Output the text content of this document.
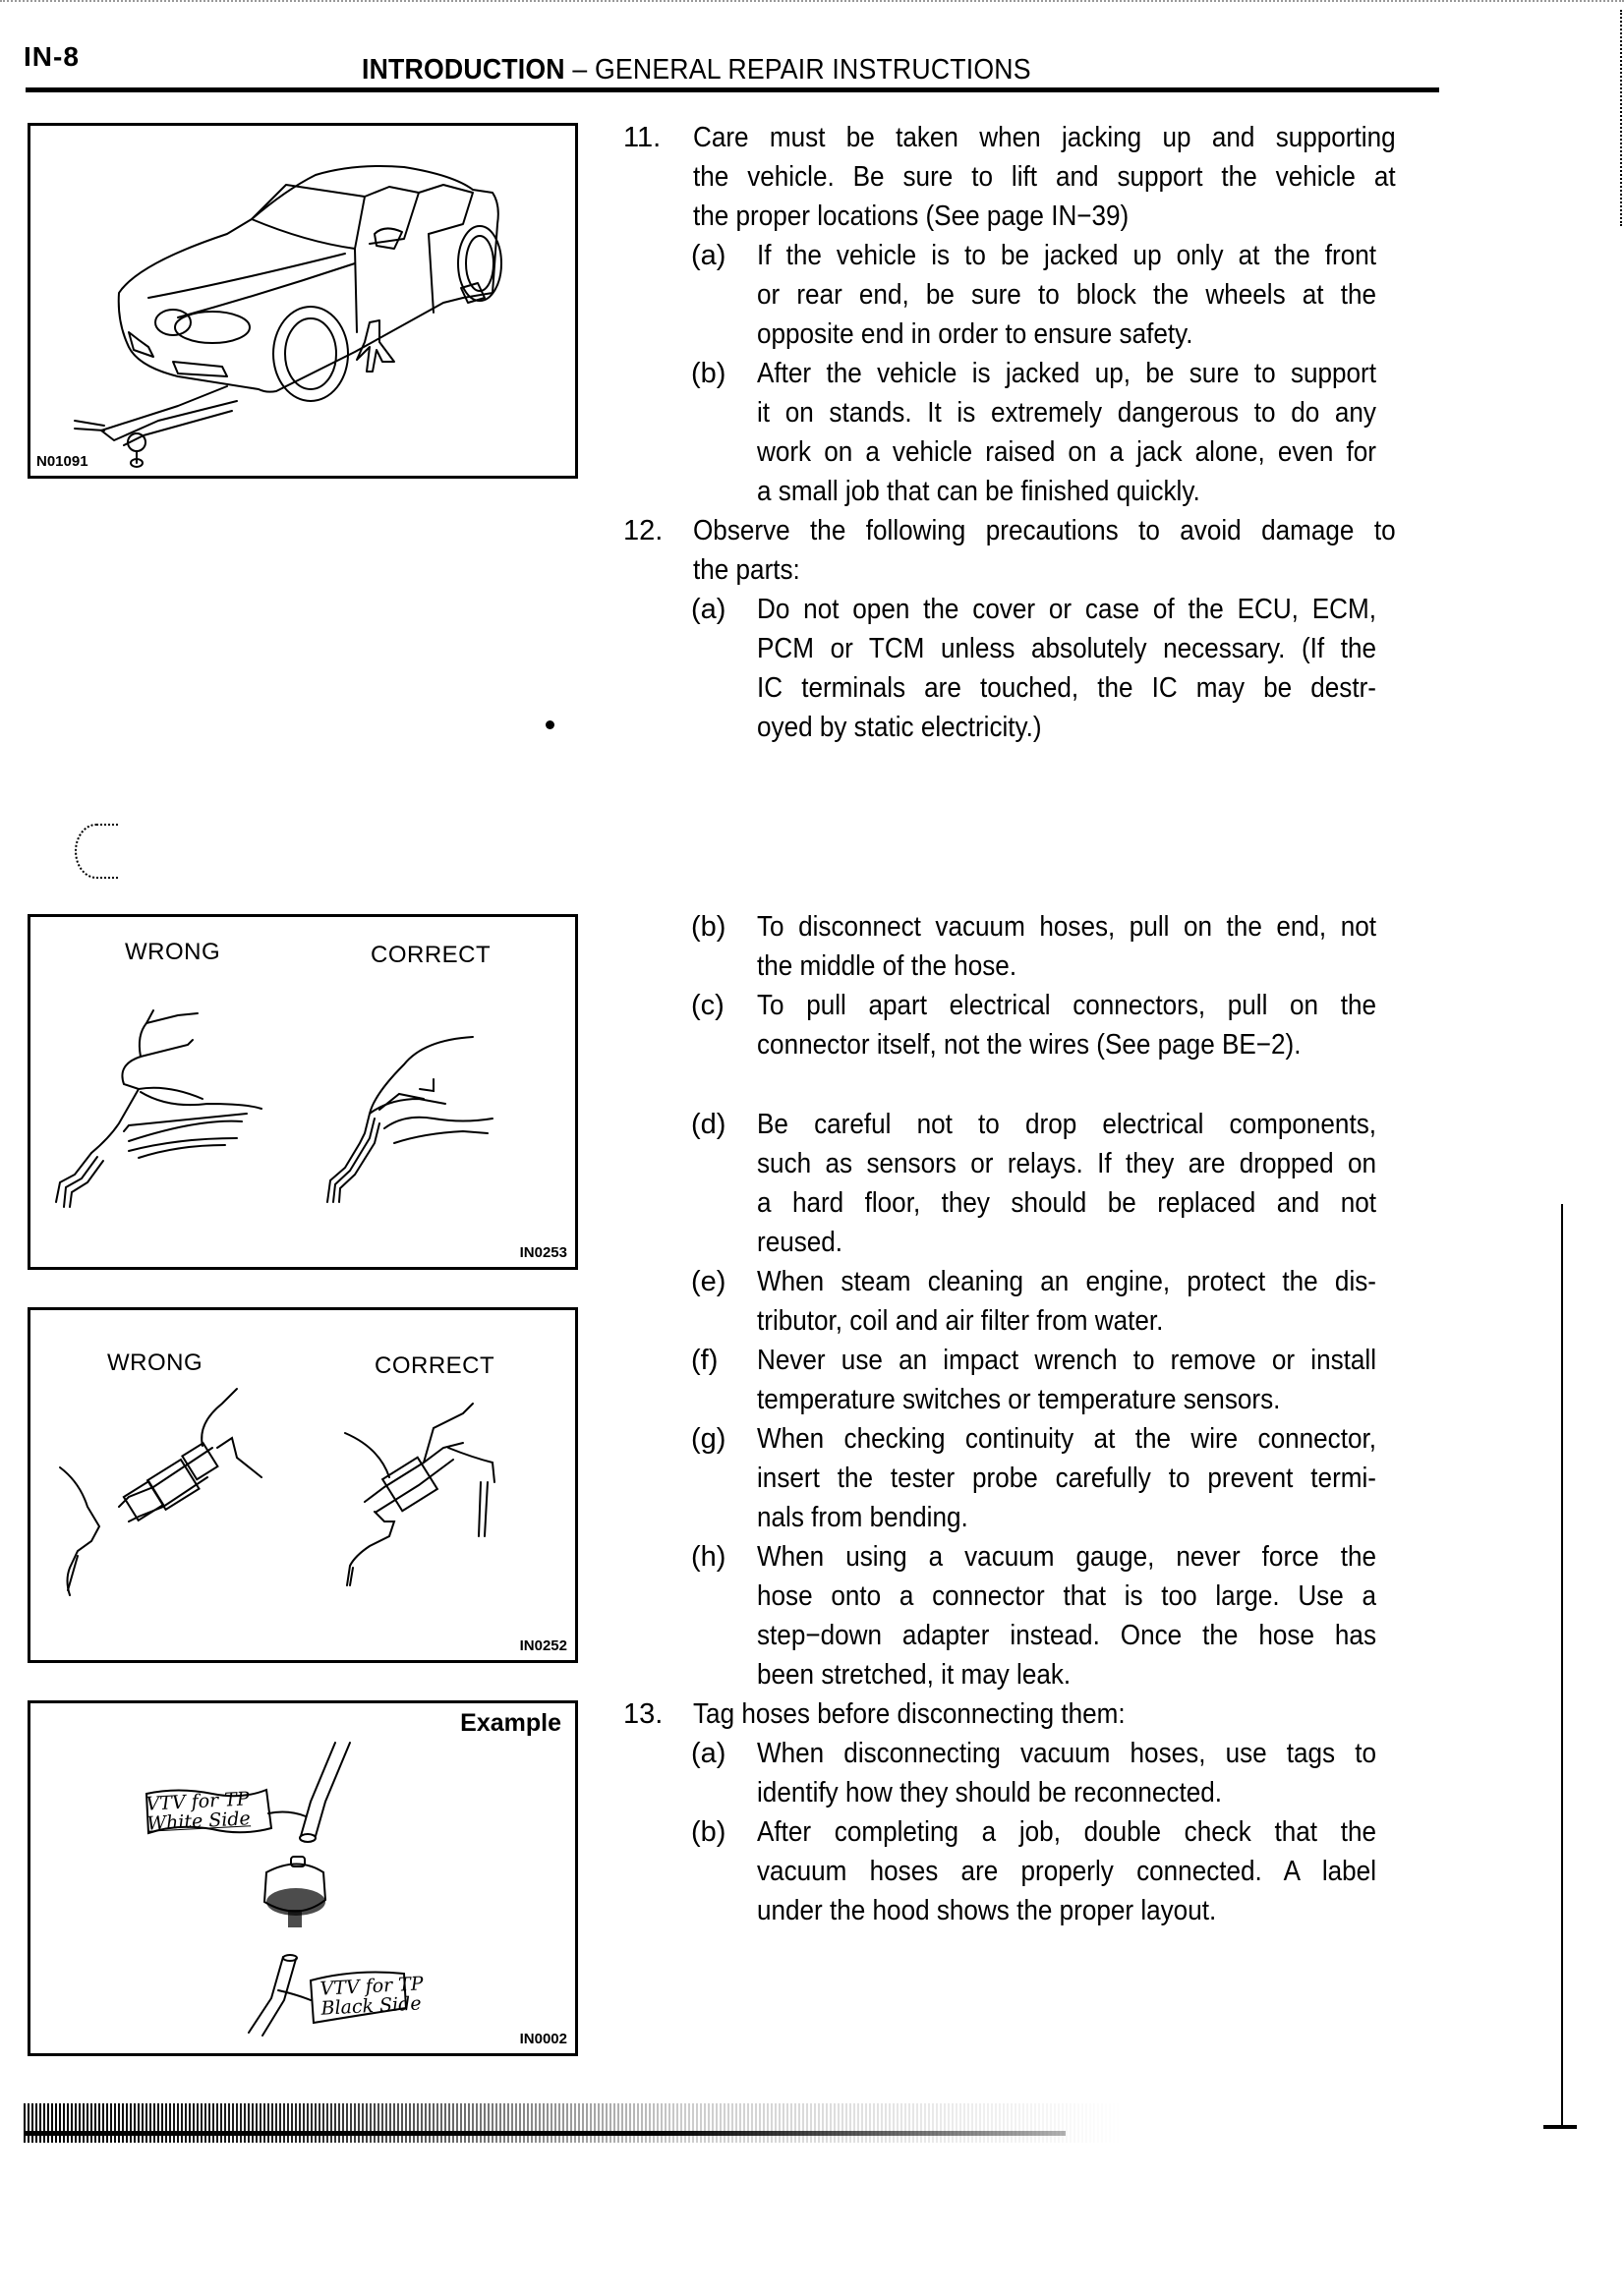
IN-8	INTRODUCTION – GENERAL REPAIR INSTRUCTIONS
N01091
WRONG	CORRECT
IN0253
WRONG	CORRECT
IN0252
Example
VTV for TP
White Side
VTV for TP
Black Side
IN0002
11. Care must be taken when jacking up and supporting
the vehicle. Be sure to lift and support the vehicle at
the proper locations (See page IN−39)
(a) If the vehicle is to be jacked up only at the front
or rear end, be sure to block the wheels at the
opposite end in order to ensure safety.
(b) After the vehicle is jacked up, be sure to support
it on stands. It is extremely dangerous to do any
work on a vehicle raised on a jack alone, even for
a small job that can be finished quickly.
12. Observe the following precautions to avoid damage to
the parts:
(a) Do not open the cover or case of the ECU, ECM,
PCM or TCM unless absolutely necessary. (If the
IC terminals are touched, the IC may be destr-
oyed by static electricity.)
(b) To disconnect vacuum hoses, pull on the end, not
the middle of the hose.
(c) To pull apart electrical connectors, pull on the
connector itself, not the wires (See page BE−2).
(d) Be careful not to drop electrical components,
such as sensors or relays. If they are dropped on
a hard floor, they should be replaced and not
reused.
(e) When steam cleaning an engine, protect the dis-
tributor, coil and air filter from water.
(f) Never use an impact wrench to remove or install
temperature switches or temperature sensors.
(g) When checking continuity at the wire connector,
insert the tester probe carefully to prevent termi-
nals from bending.
(h) When using a vacuum gauge, never force the
hose onto a connector that is too large. Use a
step−down adapter instead. Once the hose has
been stretched, it may leak.
13. Tag hoses before disconnecting them:
(a) When disconnecting vacuum hoses, use tags to
identify how they should be reconnected.
(b) After completing a job, double check that the
vacuum hoses are properly connected. A label
under the hood shows the proper layout.
